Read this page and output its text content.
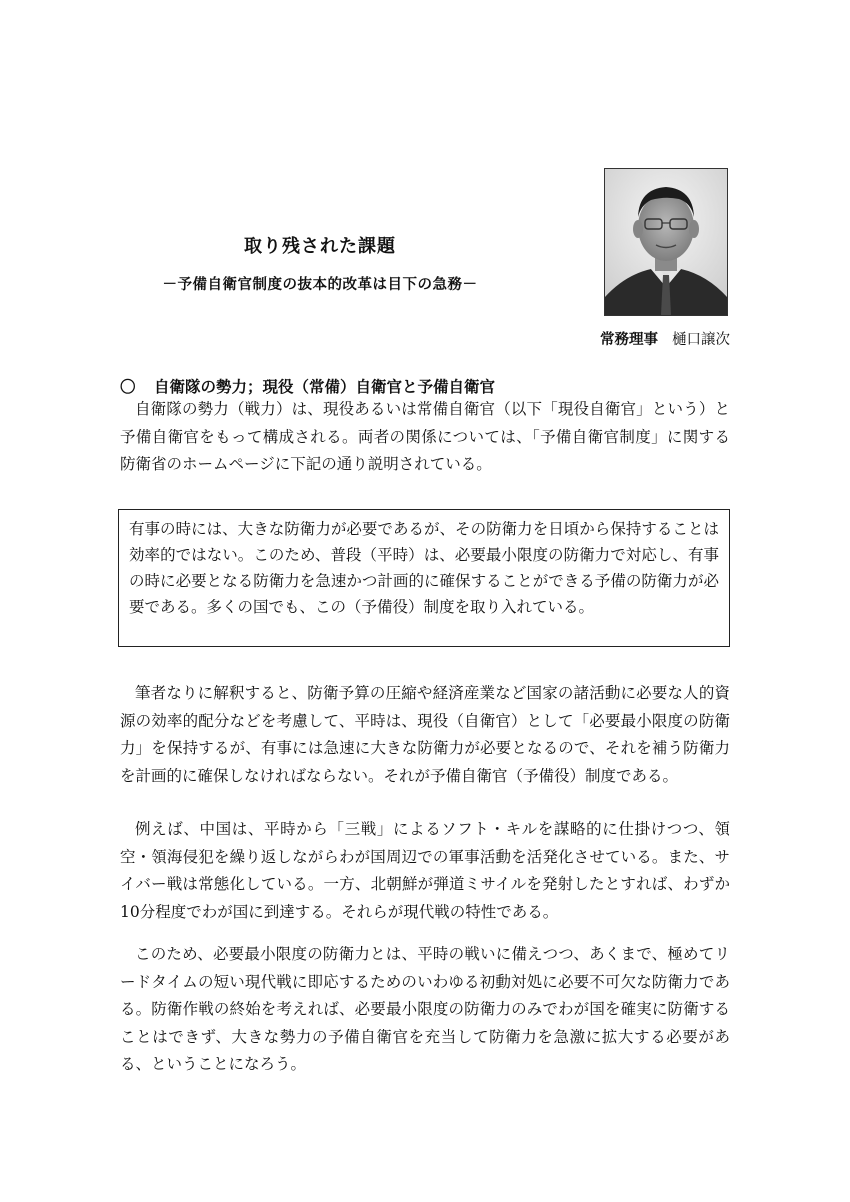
取り残された課題
－予備自衛官制度の抜本的改革は目下の急務－
常務理事 樋口譲次
〇 自衛隊の勢力；現役（常備）自衛官と予備自衛官

自衛隊の勢力（戦力）は、現役あるいは常備自衛官（以下「現役自衛官」という）と予備自衛官をもって構成される。両者の関係については、「予備自衛官制度」に関する防衛省のホームページに下記の通り説明されている。

有事の時には、大きな防衛力が必要であるが、その防衛力を日頃から保持することは効率的ではない。このため、普段（平時）は、必要最小限度の防衛力で対応し、有事の時に必要となる防衛力を急速かつ計画的に確保することができる予備の防衛力が必要である。多くの国でも、この（予備役）制度を取り入れている。

筆者なりに解釈すると、防衛予算の圧縮や経済産業など国家の諸活動に必要な人的資源の効率的配分などを考慮して、平時は、現役（自衛官）として「必要最小限度の防衛力」を保持するが、有事には急速に大きな防衛力が必要となるので、それを補う防衛力を計画的に確保しなければならない。それが予備自衛官（予備役）制度である。

例えば、中国は、平時から「三戦」によるソフト・キルを謀略的に仕掛けつつ、領空・領海侵犯を繰り返しながらわが国周辺での軍事活動を活発化させている。また、サイバー戦は常態化している。一方、北朝鮮が弾道ミサイルを発射したとすれば、わずか10分程度でわが国に到達する。それらが現代戦の特性である。

このため、必要最小限度の防衛力とは、平時の戦いに備えつつ、あくまで、極めてリードタイムの短い現代戦に即応するためのいわゆる初動対処に必要不可欠な防衛力である。防衛作戦の終始を考えれば、必要最小限度の防衛力のみでわが国を確実に防衛することはできず、大きな勢力の予備自衛官を充当して防衛力を急激に拡大する必要がある、ということになろう。
